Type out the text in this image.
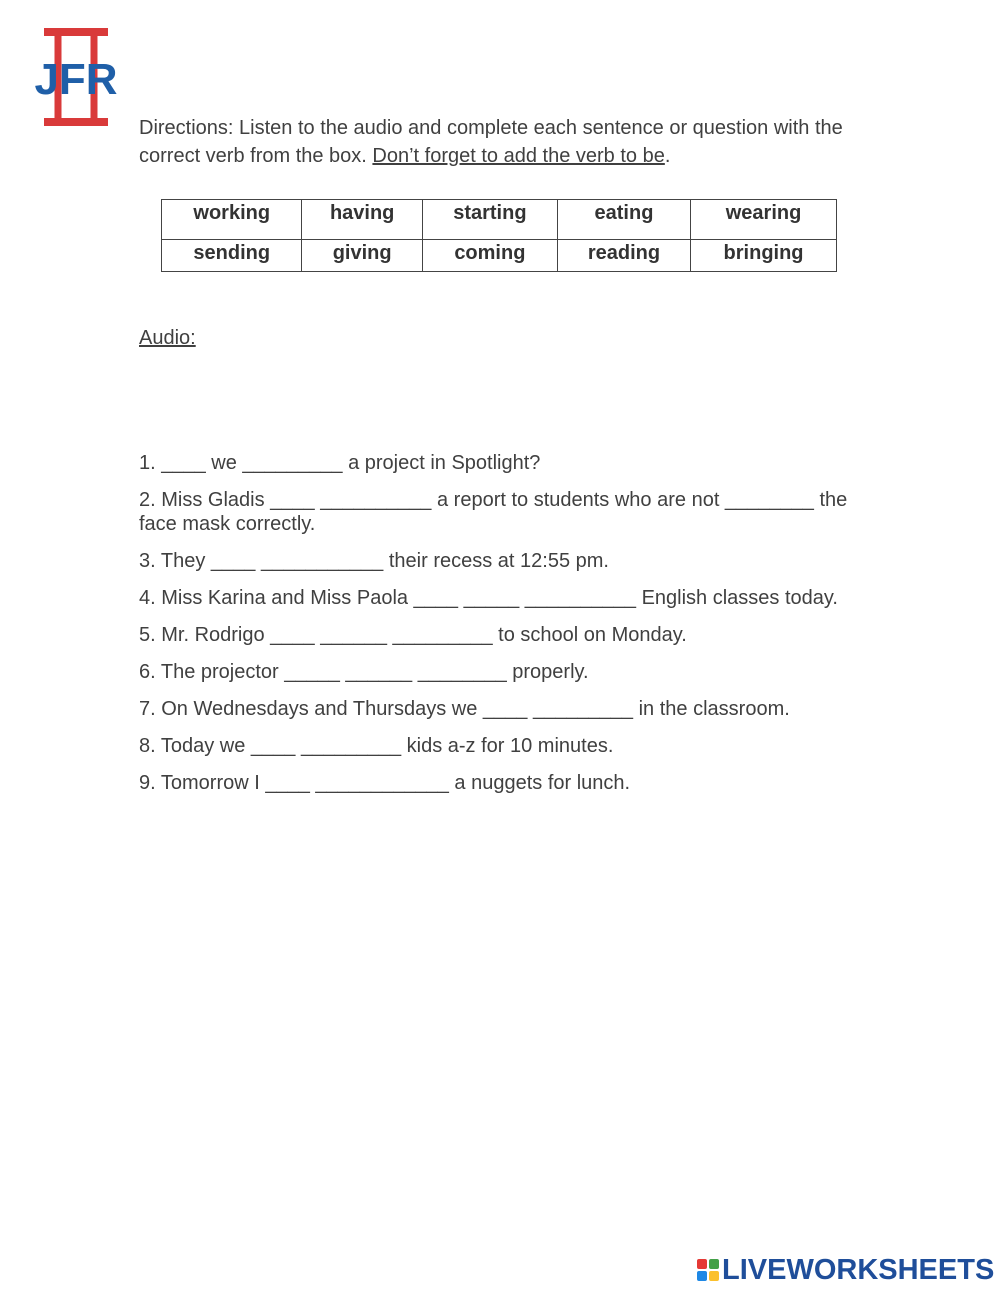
JFR
Directions: Listen to the audio and complete each sentence or question with the correct verb from the box. Don’t forget to add the verb to be.
working	having	starting	eating	wearing
sending	giving	coming	reading	bringing
Audio:
1. ____ we _________ a project in Spotlight?
2. Miss Gladis ____ __________ a report to students who are not ________ the face mask correctly.
3. They ____ ___________ their recess at 12:55 pm.
4. Miss Karina and Miss Paola ____ _____ __________ English classes today.
5. Mr. Rodrigo ____ ______ _________ to school on Monday.
6. The projector _____ ______ ________ properly.
7. On Wednesdays and Thursdays we ____ _________ in the classroom.
8. Today we ____ _________ kids a-z for 10 minutes.
9. Tomorrow I ____ ____________ a nuggets for lunch.
LIVEWORKSHEETS
